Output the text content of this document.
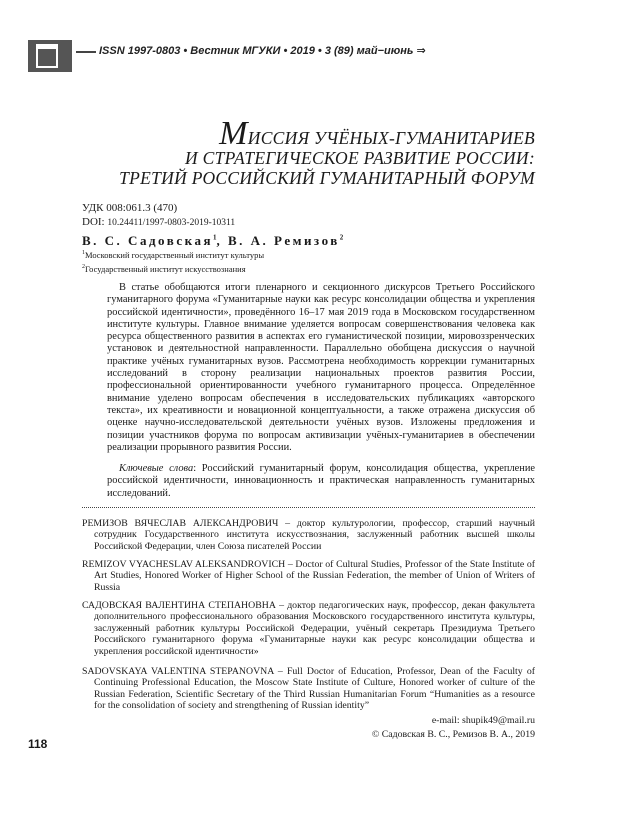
ISSN 1997-0803 • Вестник МГУКИ • 2019 • 3 (89) май−июнь ⇒
МИССИЯ УЧЁНЫХ-ГУМАНИТАРИЕВ
И СТРАТЕГИЧЕСКОЕ РАЗВИТИЕ РОССИИ:
ТРЕТИЙ РОССИЙСКИЙ ГУМАНИТАРНЫЙ ФОРУМ
УДК 008:061.3 (470)
DOI: 10.24411/1997-0803-2019-10311
В. С. Садовская$^1$, В. А. Ремизов$^2$
$^1$Московский государственный институт культуры
$^2$Государственный институт искусствознания

В статье обобщаются итоги пленарного и секционного дискурсов Третьего Российского гуманитарного форума «Гуманитарные науки как ресурс консолидации общества и укрепления российской идентичности», проведённого 16–17 мая 2019 года в Московском государственном институте культуры. Главное внимание уделяется вопросам совершенствования человека как ресурса общественного развития в аспектах его гуманистической позиции, мировоззренческих установок и деятельностной направленности. Параллельно обобщена дискуссия о научной практике учёных гуманитарных вузов. Рассмотрена необходимость коррекции гуманитарных исследований в сторону реализации национальных проектов развития России, профессиональной ориентированности учебного гуманитарного процесса. Определённое внимание уделено вопросам обеспечения в исследовательских публикациях «авторского текста», их креативности и новационной концептуальности, а также отражена дискуссия об оценке научно-исследовательской деятельности учёных вузов. Изложены предложения и позиции участников форума по вопросам активизации учёных-гуманитариев в обеспечении реализации прорывного развития России.

Ключевые слова: Российский гуманитарный форум, консолидация общества, укрепление российской идентичности, инновационность и практическая направленность гуманитарных исследований.

РЕМИЗОВ ВЯЧЕСЛАВ АЛЕКСАНДРОВИЧ – доктор культурологии, профессор, старший научный сотрудник Государственного института искусствознания, заслуженный работник высшей школы Российской Федерации, член Союза писателей России

REMIZOV VYACHESLAV ALEKSANDROVICH – Doctor of Cultural Studies, Professor of the State Institute of Art Studies, Honored Worker of Higher School of the Russian Federation, the member of Union of Writers of Russia

САДОВСКАЯ ВАЛЕНТИНА СТЕПАНОВНА – доктор педагогических наук, профессор, декан факультета дополнительного профессионального образования Московского государственного института культуры, заслуженный работник культуры Российской Федерации, учёный секретарь Президиума Третьего Российского гуманитарного форума «Гуманитарные науки как ресурс консолидации общества и укрепления российской идентичности»

SADOVSKAYA VALENTINA STEPANOVNA – Full Doctor of Education, Professor, Dean of the Faculty of Continuing Professional Education, the Moscow State Institute of Culture, Honored worker of culture of the Russian Federation, Scientific Secretary of the Third Russian Humanitarian Forum “Humanities as a resource for the consolidation of society and strengthening of Russian identity”

e-mail: shupik49@mail.ru
© Садовская В. С., Ремизов В. А., 2019
118
